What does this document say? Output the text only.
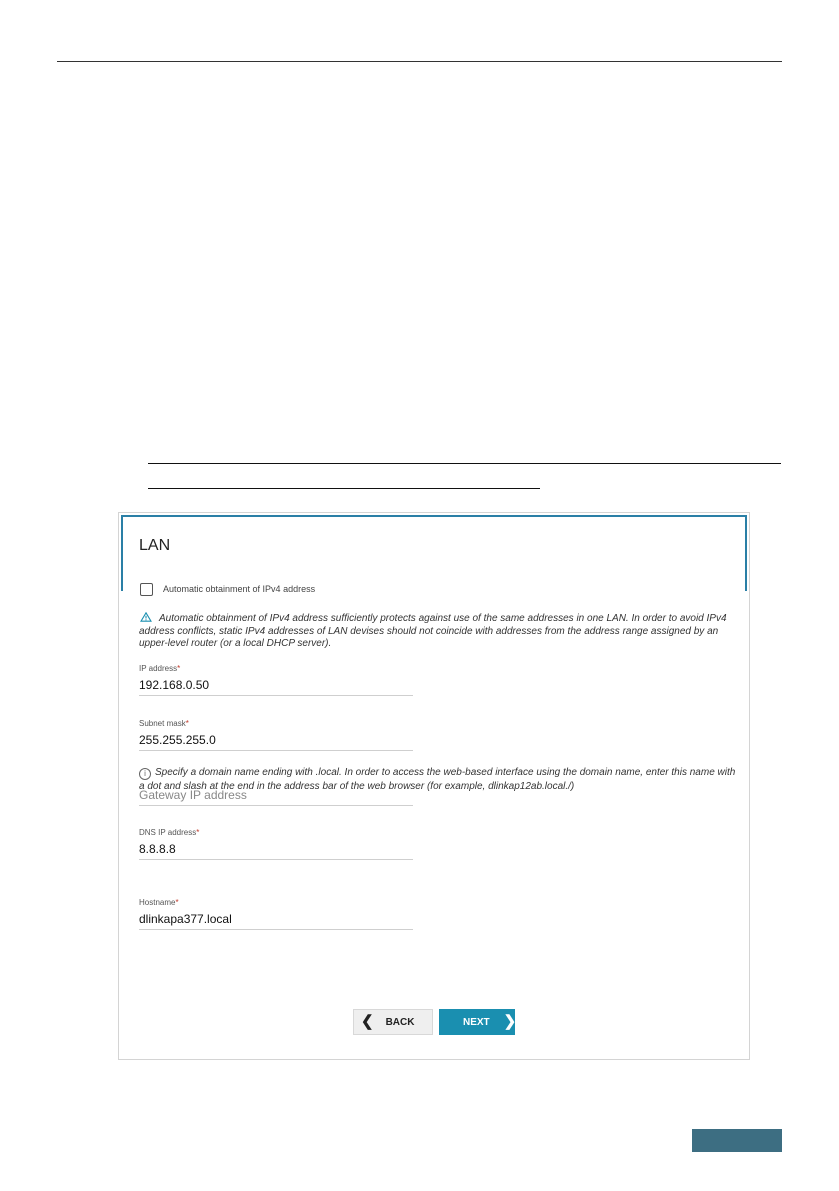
LAN
Automatic obtainment of IPv4 address
Automatic obtainment of IPv4 address sufficiently protects against use of the same addresses in one LAN. In order to avoid IPv4 address conflicts, static IPv4 addresses of LAN devises should not coincide with addresses from the address range assigned by an upper-level router (or a local DHCP server).
IP address*
192.168.0.50
Subnet mask*
255.255.255.0
Gateway IP address
DNS IP address*
8.8.8.8
Hostname*
dlinkapa377.local
i Specify a domain name ending with .local. In order to access the web-based interface using the domain name, enter this name with a dot and slash at the end in the address bar of the web browser (for example, dlinkap12ab.local./)
❮ BACK	NEXT ❯
